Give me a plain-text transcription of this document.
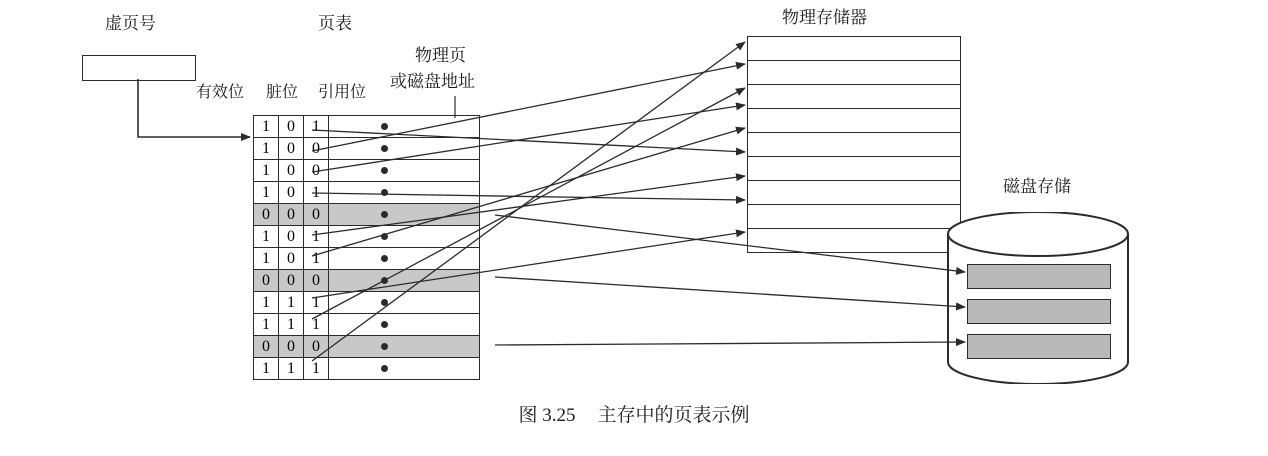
虚页号	页表
物理页
或磁盘地址
有效位 脏位 引用位
物理存储器
磁盘存储
1	0	1	

1	0	0	

1	0	0	

1	0	1	

0	0	0	

1	0	1	

1	0	1	

0	0	0	

1	1	1	

1	1	1	

0	0	0	

1	1	1	
图 3.25 主存中的页表示例
